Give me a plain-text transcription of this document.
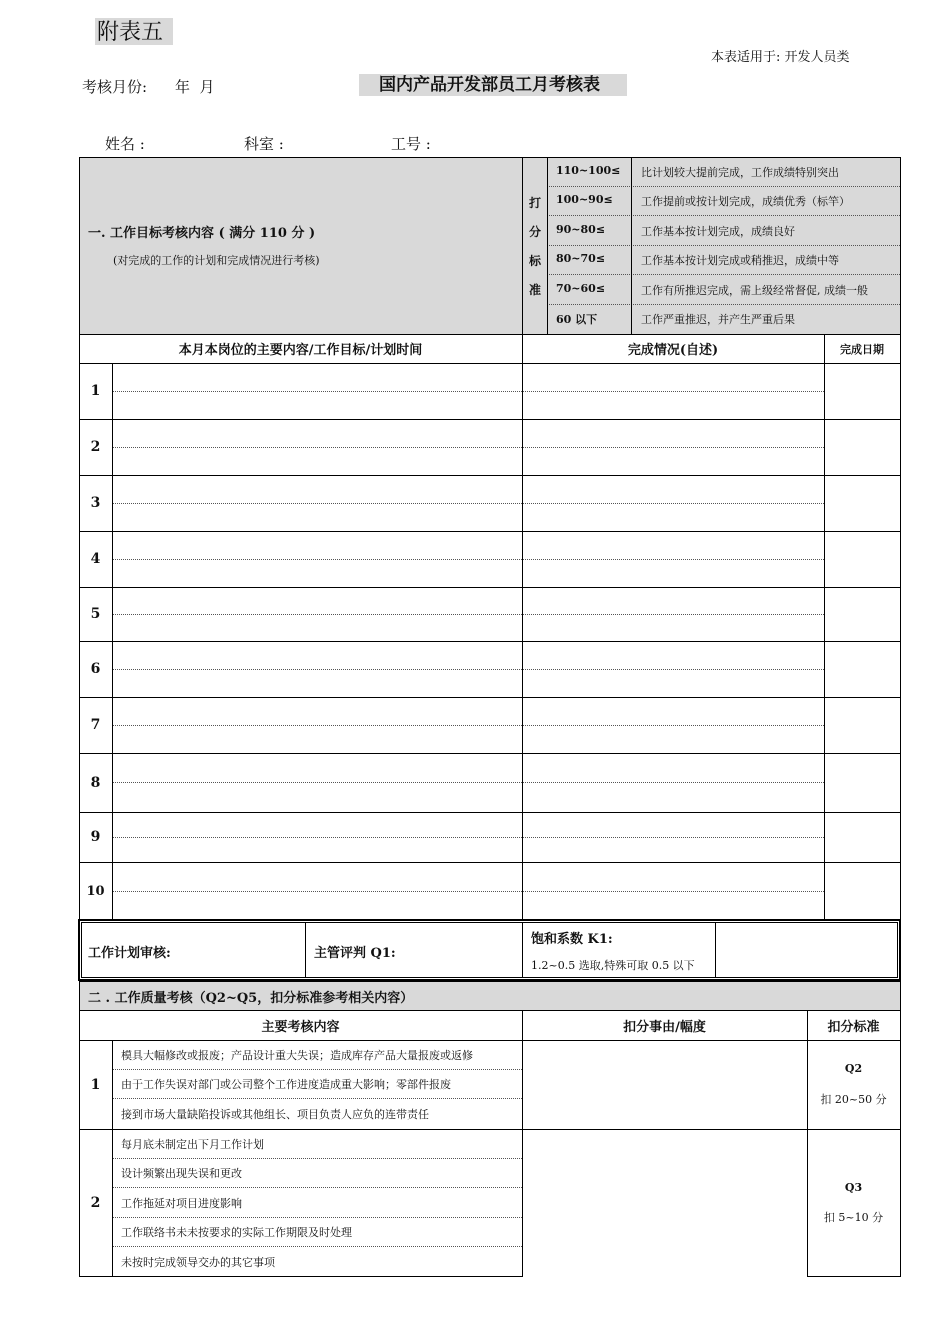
附表五
本表适用于: 开发人员类
考核月份: 年  月	国内产品开发部员工月考核表
姓名 :	科室 :	工号 :
一. 工作目标考核内容 ( 满分 110 分 )
(对完成的工作的计划和完成情况进行考核)
打
分
标
准
110~100≤ 比计划较大提前完成，工作成绩特别突出
100~90≤	工作提前或按计划完成，成绩优秀（标竿）
90~80≤	工作基本按计划完成，成绩良好
80~70≤	工作基本按计划完成或稍推迟，成绩中等
70~60≤	工作有所推迟完成，需上级经常督促, 成绩一般
60 以下	工作严重推迟，并产生严重后果
本月本岗位的主要内容/工作目标/计划时间	完成情况(自述)	完成日期
1
2
3
4
5
6
7
8
9
10
工作计划审核:	主管评判 Q1:
饱和系数 K1:
1.2~0.5 选取,特殊可取 0.5 以下
二 . 工作质量考核（Q2~Q5，扣分标准参考相关内容）
主要考核内容	扣分事由/幅度	扣分标准
1
模具大幅修改或报废；产品设计重大失误；造成库存产品大量报废或返修
由于工作失误对部门或公司整个工作进度造成重大影响；零部件报废
接到市场大量缺陷投诉或其他组长、项目负责人应负的连带责任
Q2
扣 20~50 分
2
每月底未制定出下月工作计划
设计频繁出现失误和更改
工作拖延对项目进度影响
工作联络书未未按要求的实际工作期限及时处理
未按时完成领导交办的其它事项
Q3
扣 5~10 分
